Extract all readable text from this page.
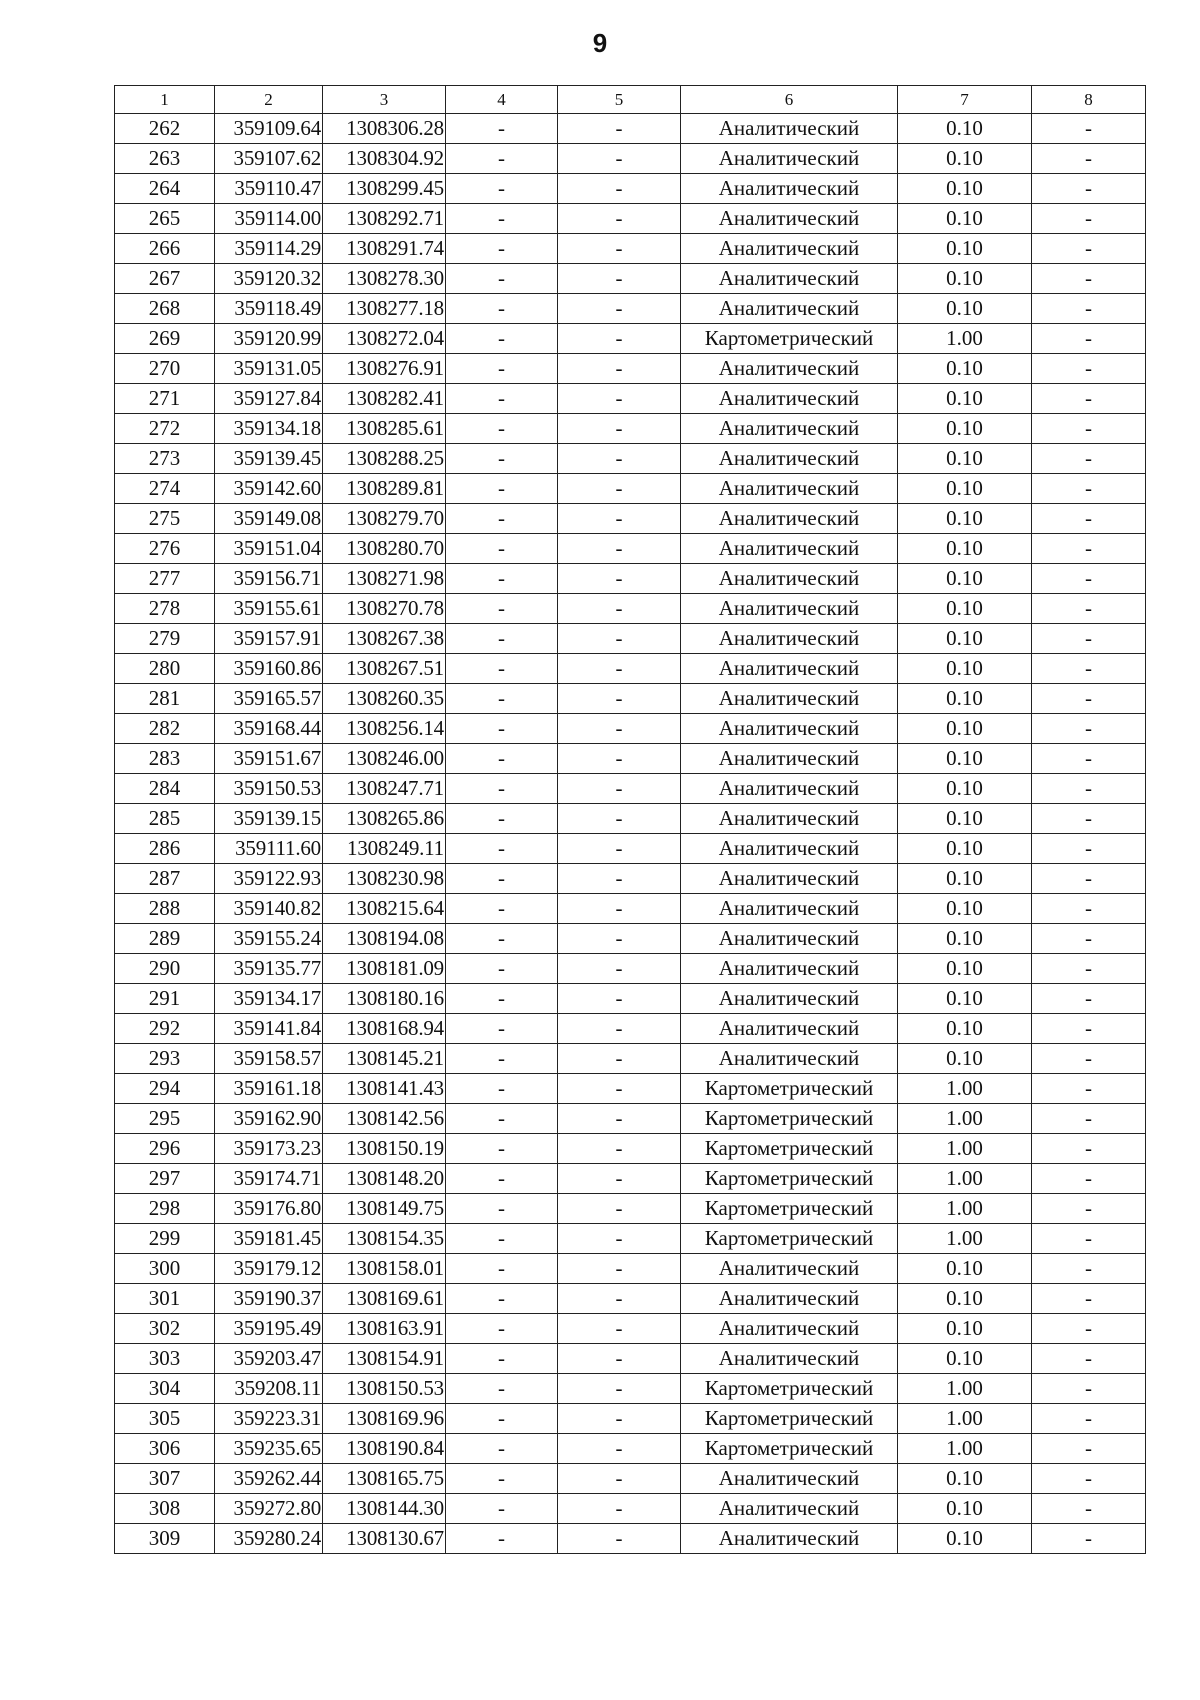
9
1	2	3	4	5	6	7	8
262	359109.64	1308306.28	-	-	Аналитический	0.10	-
263	359107.62	1308304.92	-	-	Аналитический	0.10	-
264	359110.47	1308299.45	-	-	Аналитический	0.10	-
265	359114.00	1308292.71	-	-	Аналитический	0.10	-
266	359114.29	1308291.74	-	-	Аналитический	0.10	-
267	359120.32	1308278.30	-	-	Аналитический	0.10	-
268	359118.49	1308277.18	-	-	Аналитический	0.10	-
269	359120.99	1308272.04	-	-	Картометрический	1.00	-
270	359131.05	1308276.91	-	-	Аналитический	0.10	-
271	359127.84	1308282.41	-	-	Аналитический	0.10	-
272	359134.18	1308285.61	-	-	Аналитический	0.10	-
273	359139.45	1308288.25	-	-	Аналитический	0.10	-
274	359142.60	1308289.81	-	-	Аналитический	0.10	-
275	359149.08	1308279.70	-	-	Аналитический	0.10	-
276	359151.04	1308280.70	-	-	Аналитический	0.10	-
277	359156.71	1308271.98	-	-	Аналитический	0.10	-
278	359155.61	1308270.78	-	-	Аналитический	0.10	-
279	359157.91	1308267.38	-	-	Аналитический	0.10	-
280	359160.86	1308267.51	-	-	Аналитический	0.10	-
281	359165.57	1308260.35	-	-	Аналитический	0.10	-
282	359168.44	1308256.14	-	-	Аналитический	0.10	-
283	359151.67	1308246.00	-	-	Аналитический	0.10	-
284	359150.53	1308247.71	-	-	Аналитический	0.10	-
285	359139.15	1308265.86	-	-	Аналитический	0.10	-
286	359111.60	1308249.11	-	-	Аналитический	0.10	-
287	359122.93	1308230.98	-	-	Аналитический	0.10	-
288	359140.82	1308215.64	-	-	Аналитический	0.10	-
289	359155.24	1308194.08	-	-	Аналитический	0.10	-
290	359135.77	1308181.09	-	-	Аналитический	0.10	-
291	359134.17	1308180.16	-	-	Аналитический	0.10	-
292	359141.84	1308168.94	-	-	Аналитический	0.10	-
293	359158.57	1308145.21	-	-	Аналитический	0.10	-
294	359161.18	1308141.43	-	-	Картометрический	1.00	-
295	359162.90	1308142.56	-	-	Картометрический	1.00	-
296	359173.23	1308150.19	-	-	Картометрический	1.00	-
297	359174.71	1308148.20	-	-	Картометрический	1.00	-
298	359176.80	1308149.75	-	-	Картометрический	1.00	-
299	359181.45	1308154.35	-	-	Картометрический	1.00	-
300	359179.12	1308158.01	-	-	Аналитический	0.10	-
301	359190.37	1308169.61	-	-	Аналитический	0.10	-
302	359195.49	1308163.91	-	-	Аналитический	0.10	-
303	359203.47	1308154.91	-	-	Аналитический	0.10	-
304	359208.11	1308150.53	-	-	Картометрический	1.00	-
305	359223.31	1308169.96	-	-	Картометрический	1.00	-
306	359235.65	1308190.84	-	-	Картометрический	1.00	-
307	359262.44	1308165.75	-	-	Аналитический	0.10	-
308	359272.80	1308144.30	-	-	Аналитический	0.10	-
309	359280.24	1308130.67	-	-	Аналитический	0.10	-
